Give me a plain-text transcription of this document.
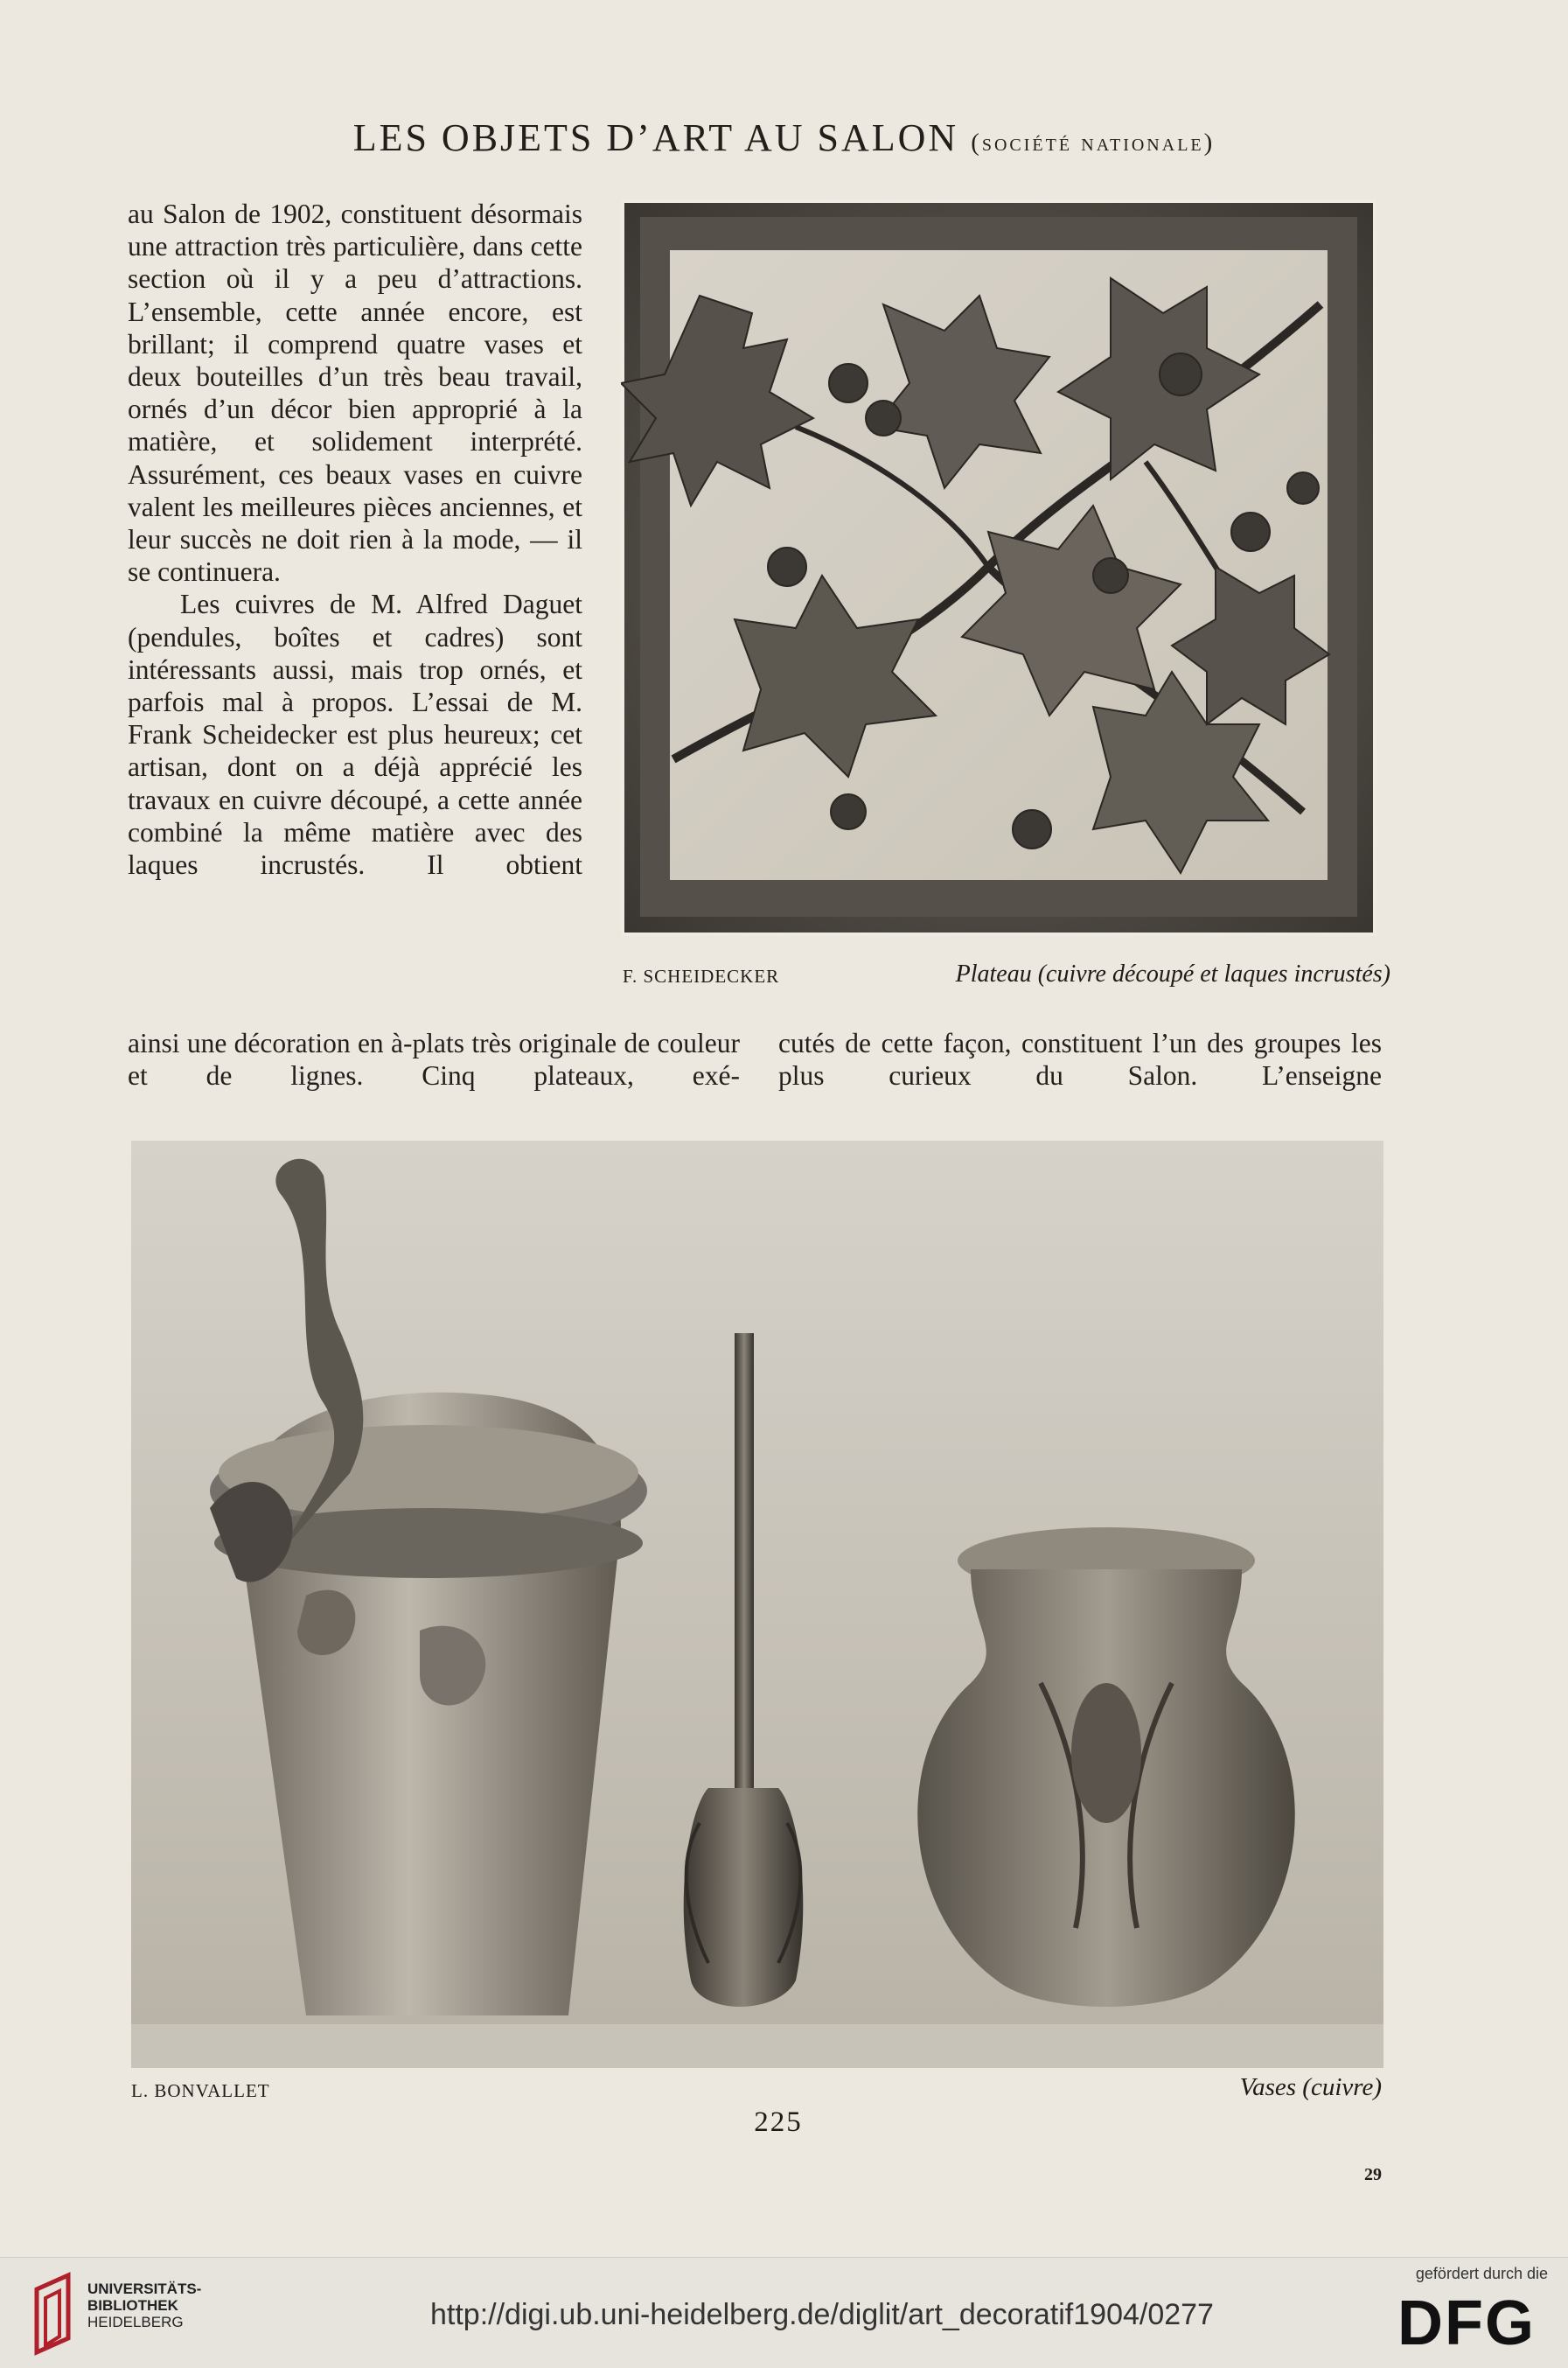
LES OBJETS D’ART AU SALON (société nationale)
au Salon de 1902, constituent désormais une attraction très particulière, dans cette section où il y a peu d’attractions. L’ensemble, cette année encore, est brillant; il comprend quatre vases et deux bouteilles d’un très beau travail, ornés d’un décor bien approprié à la matière, et solidement interprété. Assurément, ces beaux vases en cuivre valent les meilleures pièces anciennes, et leur succès ne doit rien à la mode, — il se continuera.
Les cuivres de M. Alfred Daguet (pendules, boîtes et cadres) sont intéressants aussi, mais trop ornés, et parfois mal à propos. L’essai de M. Frank Scheidecker est plus heureux; cet artisan, dont on a déjà apprécié les travaux en cuivre découpé, a cette année combiné la même matière avec des laques incrustés. Il obtient
F. SCHEIDECKER	Plateau (cuivre découpé et laques incrustés)
ainsi une décoration en à-plats très originale de couleur et de lignes. Cinq plateaux, exé-
cutés de cette façon, constituent l’un des groupes les plus curieux du Salon. L’enseigne
L. BONVALLET	Vases (cuivre)
225
29
UNIVERSITÄTS-
BIBLIOTHEK
HEIDELBERG	http://digi.ub.uni-heidelberg.de/diglit/art_decoratif1904/0277
gefördert durch die
DFG
